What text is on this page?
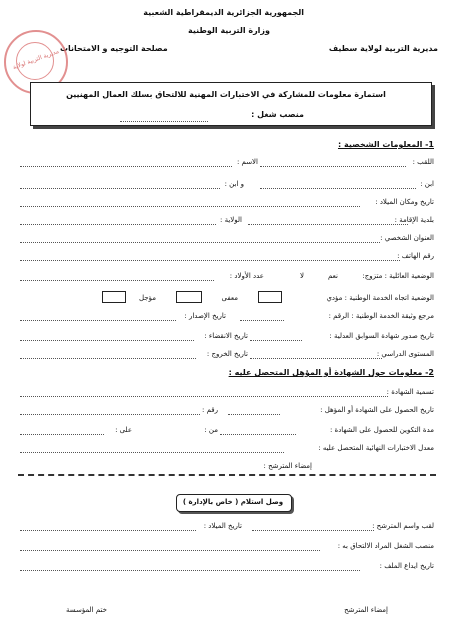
الجمهورية الجزائرية الديمقراطية الشعبية
وزارة التربية الوطنية
مديرية التربية لولاية سطيف
مصلحة التوجيه و الامتحانات
مديرية التربية لولاية
استمارة معلومات للمشاركة في الاختبارات المهنية للالتحاق بسلك العمال المهنيين
منصب شغل :
1- المعلومات الشخصية :
اللقب :
الاسم :
ابن :
و ابن :
تاريخ ومكان الميلاد :
بلدية الإقامة :
الولاية :
العنوان الشخصي :
رقم الهاتف :
الوضعية العائلية : متزوج:
نعم
لا
عدد الأولاد :
الوضعية اتجاه الخدمة الوطنية : مؤدي
معفى
مؤجل
مرجع وثيقة الخدمة الوطنية : الرقم :
تاريخ الإصدار :
تاريخ صدور شهادة السوابق العدلية :
تاريخ الانقضاء :
المستوى الدراسي :
تاريخ الخروج :
2- معلومات حول الشهادة أو المؤهل المتحصل عليه :
تسمية الشهادة :
تاريخ الحصول على الشهادة أو المؤهل :
رقم :
مدة التكوين للحصول على الشهادة :
من :
على :
معدل الاختبارات النهائية المتحصل عليه :
إمضاء المترشح :
وصل استلام ( خاص بالإدارة )
لقب واسم المترشح :
تاريخ الميلاد :
منصب الشغل المراد الالتحاق به :
تاريخ ايداع الملف :
إمضاء المترشح
ختم المؤسسة
